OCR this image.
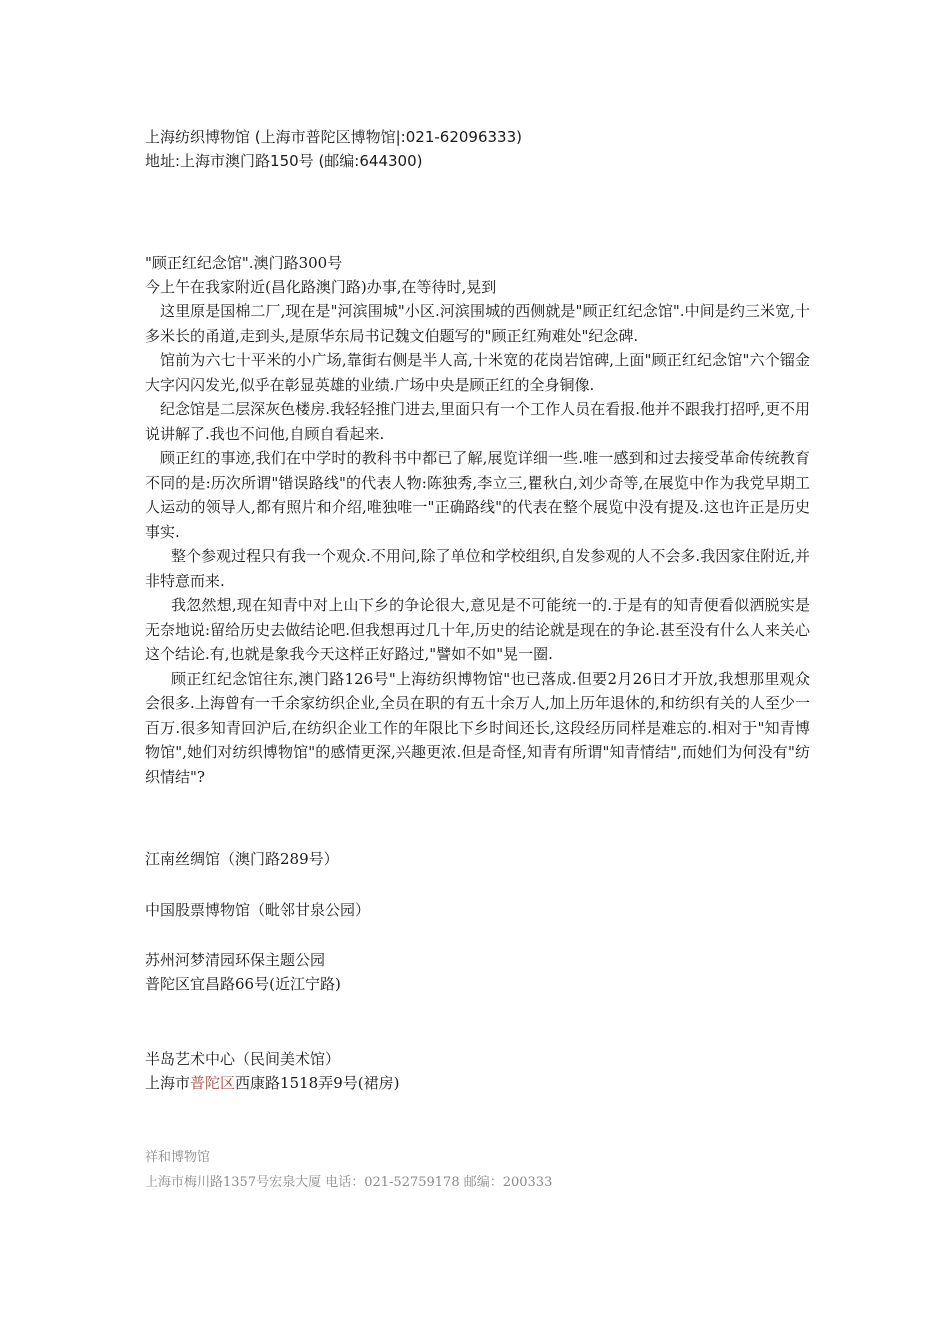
上海纺织博物馆 (上海市普陀区博物馆|:021-62096333)
地址:上海市澳门路150号 (邮编:644300)
"顾正红纪念馆".澳门路300号
今上午在我家附近(昌化路澳门路)办事,在等待时,晃到
这里原是国棉二厂,现在是"河滨围城"小区.河滨围城的西侧就是"顾正红纪念馆".中间是约三米宽,十多米长的甬道,走到头,是原华东局书记魏文伯题写的"顾正红殉难处"纪念碑.
馆前为六七十平米的小广场,靠街右侧是半人高,十米宽的花岗岩馆碑,上面"顾正红纪念馆"六个镏金大字闪闪发光,似乎在彰显英雄的业绩.广场中央是顾正红的全身铜像.
纪念馆是二层深灰色楼房.我轻轻推门进去,里面只有一个工作人员在看报.他并不跟我打招呼,更不用说讲解了.我也不问他,自顾自看起来.
顾正红的事迹,我们在中学时的教科书中都已了解,展览详细一些.唯一感到和过去接受革命传统教育不同的是:历次所谓"错误路线"的代表人物:陈独秀,李立三,瞿秋白,刘少奇等,在展览中作为我党早期工人运动的领导人,都有照片和介绍,唯独唯一"正确路线"的代表在整个展览中没有提及.这也许正是历史事实.
整个参观过程只有我一个观众.不用问,除了单位和学校组织,自发参观的人不会多.我因家住附近,并非特意而来.
我忽然想,现在知青中对上山下乡的争论很大,意见是不可能统一的.于是有的知青便看似洒脱实是无奈地说:留给历史去做结论吧.但我想再过几十年,历史的结论就是现在的争论.甚至没有什么人来关心这个结论.有,也就是象我今天这样正好路过,"譬如不如"晃一圈.
顾正红纪念馆往东,澳门路126号"上海纺织博物馆"也已落成.但要2月26日才开放,我想那里观众会很多.上海曾有一千余家纺织企业,全员在职的有五十余万人,加上历年退休的,和纺织有关的人至少一百万.很多知青回沪后,在纺织企业工作的年限比下乡时间还长,这段经历同样是难忘的.相对于"知青博物馆",她们对纺织博物馆"的感情更深,兴趣更浓.但是奇怪,知青有所谓"知青情结",而她们为何没有"纺织情结"?
江南丝绸馆（澳门路289号）
中国股票博物馆（毗邻甘泉公园）
苏州河梦清园环保主题公园
普陀区宜昌路66号(近江宁路)
半岛艺术中心（民间美术馆）
上海市普陀区西康路1518弄9号(裙房)
祥和博物馆
上海市梅川路1357号宏泉大厦 电话：021-52759178 邮编：200333
